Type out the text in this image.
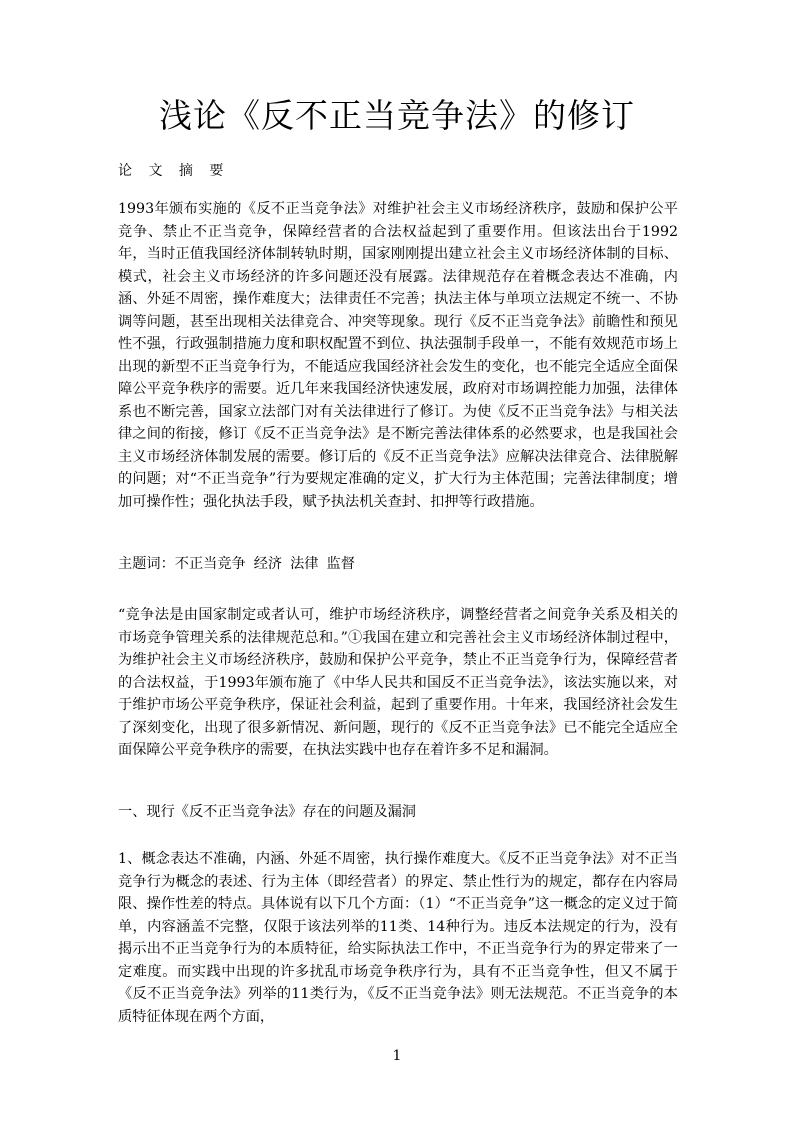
浅论《反不正当竞争法》的修订
论 文 摘 要
1993年颁布实施的《反不正当竞争法》对维护社会主义市场经济秩序，鼓励和保护公平竞争、禁止不正当竞争，保障经营者的合法权益起到了重要作用。但该法出台于1992年，当时正值我国经济体制转轨时期，国家刚刚提出建立社会主义市场经济体制的目标、模式，社会主义市场经济的许多问题还没有展露。法律规范存在着概念表达不准确，内涵、外延不周密，操作难度大；法律责任不完善；执法主体与单项立法规定不统一、不协调等问题，甚至出现相关法律竞合、冲突等现象。现行《反不正当竞争法》前瞻性和预见性不强，行政强制措施力度和职权配置不到位、执法强制手段单一，不能有效规范市场上出现的新型不正当竞争行为，不能适应我国经济社会发生的变化，也不能完全适应全面保障公平竞争秩序的需要。近几年来我国经济快速发展，政府对市场调控能力加强，法律体系也不断完善，国家立法部门对有关法律进行了修订。为使《反不正当竞争法》与相关法律之间的衔接，修订《反不正当竞争法》是不断完善法律体系的必然要求，也是我国社会主义市场经济体制发展的需要。修订后的《反不正当竞争法》应解决法律竞合、法律脱解的问题；对“不正当竞争”行为要规定准确的定义，扩大行为主体范围；完善法律制度；增加可操作性；强化执法手段，赋予执法机关查封、扣押等行政措施。
主题词：不正当竞争 经济 法律 监督
“竞争法是由国家制定或者认可，维护市场经济秩序，调整经营者之间竞争关系及相关的市场竞争管理关系的法律规范总和。”①我国在建立和完善社会主义市场经济体制过程中，为维护社会主义市场经济秩序，鼓励和保护公平竞争，禁止不正当竞争行为，保障经营者的合法权益，于1993年颁布施了《中华人民共和国反不正当竞争法》，该法实施以来，对于维护市场公平竞争秩序，保证社会利益，起到了重要作用。十年来，我国经济社会发生了深刻变化，出现了很多新情况、新问题，现行的《反不正当竞争法》已不能完全适应全面保障公平竞争秩序的需要，在执法实践中也存在着许多不足和漏洞。
一、现行《反不正当竞争法》存在的问题及漏洞
1、概念表达不准确，内涵、外延不周密，执行操作难度大。《反不正当竞争法》对不正当竞争行为概念的表述、行为主体（即经营者）的界定、禁止性行为的规定，都存在内容局限、操作性差的特点。具体说有以下几个方面：（1）“不正当竞争”这一概念的定义过于简单，内容涵盖不完整，仅限于该法列举的11类、14种行为。违反本法规定的行为，没有揭示出不正当竞争行为的本质特征，给实际执法工作中，不正当竞争行为的界定带来了一定难度。而实践中出现的许多扰乱市场竞争秩序行为，具有不正当竞争性，但又不属于《反不正当竞争法》列举的11类行为，《反不正当竞争法》则无法规范。不正当竞争的本质特征体现在两个方面，
1
